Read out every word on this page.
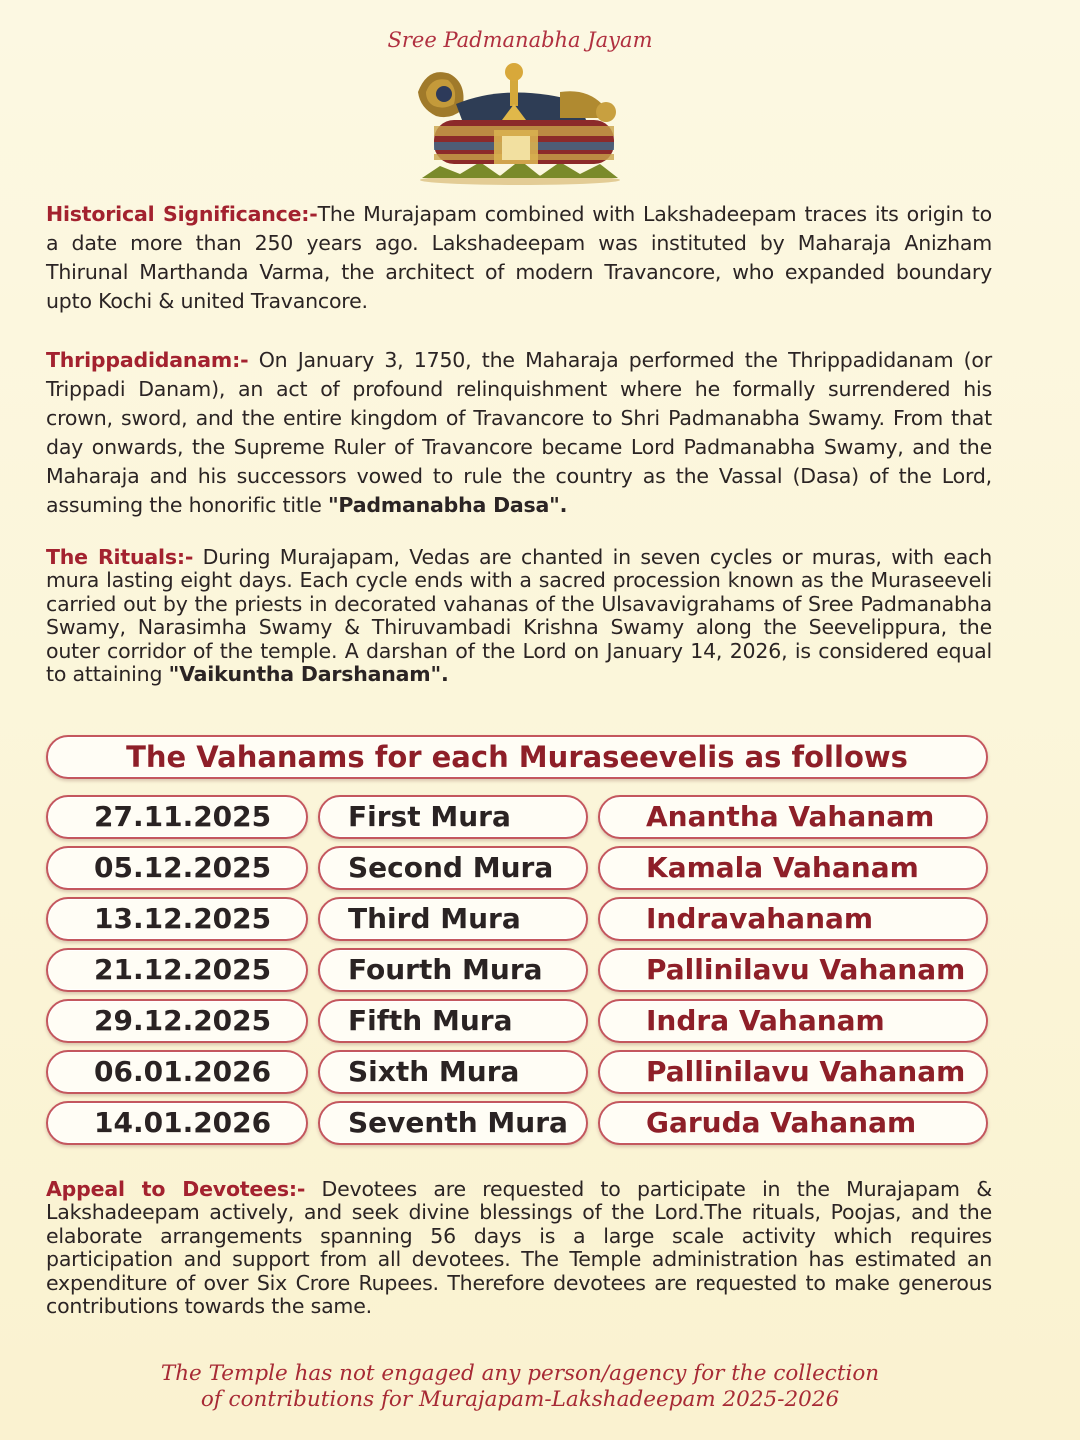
Sree Padmanabha Jayam

Historical Significance:-The Murajapam combined with Lakshadeepam traces its origin to a date more than 250 years ago. Lakshadeepam was instituted by Maharaja Anizham Thirunal Marthanda Varma, the architect of modern Travancore, who expanded boundary upto Kochi & united Travancore.

Thrippadidanam:- On January 3, 1750, the Maharaja performed the Thrippadidanam (or Trippadi Danam), an act of profound relinquishment where he formally surrendered his crown, sword, and the entire kingdom of Travancore to Shri Padmanabha Swamy. From that day onwards, the Supreme Ruler of Travancore became Lord Padmanabha Swamy, and the Maharaja and his successors vowed to rule the country as the Vassal (Dasa) of the Lord, assuming the honorific title "Padmanabha Dasa".

The Rituals:- During Murajapam, Vedas are chanted in seven cycles or muras, with each mura lasting eight days. Each cycle ends with a sacred procession known as the Muraseeveli carried out by the priests in decorated vahanas of the Ulsavavigrahams of Sree Padmanabha Swamy, Narasimha Swamy & Thiruvambadi Krishna Swamy along the Seevelippura, the outer corridor of the temple. A darshan of the Lord on January 14, 2026, is considered equal to attaining "Vaikuntha Darshanam".

The Vahanams for each Muraseevelis as follows
27.11.2025	First Mura	Anantha Vahanam
05.12.2025	Second Mura	Kamala Vahanam
13.12.2025	Third Mura	Indravahanam
21.12.2025	Fourth Mura	Pallinilavu Vahanam
29.12.2025	Fifth Mura	Indra Vahanam
06.01.2026	Sixth Mura	Pallinilavu Vahanam
14.01.2026	Seventh Mura	Garuda Vahanam

Appeal to Devotees:- Devotees are requested to participate in the Murajapam & Lakshadeepam actively, and seek divine blessings of the Lord.The rituals, Poojas, and the elaborate arrangements spanning 56 days is a large scale activity which requires participation and support from all devotees. The Temple administration has estimated an expenditure of over Six Crore Rupees. Therefore devotees are requested to make generous contributions towards the same.

The Temple has not engaged any person/agency for the collection
of contributions for Murajapam-Lakshadeepam 2025-2026
